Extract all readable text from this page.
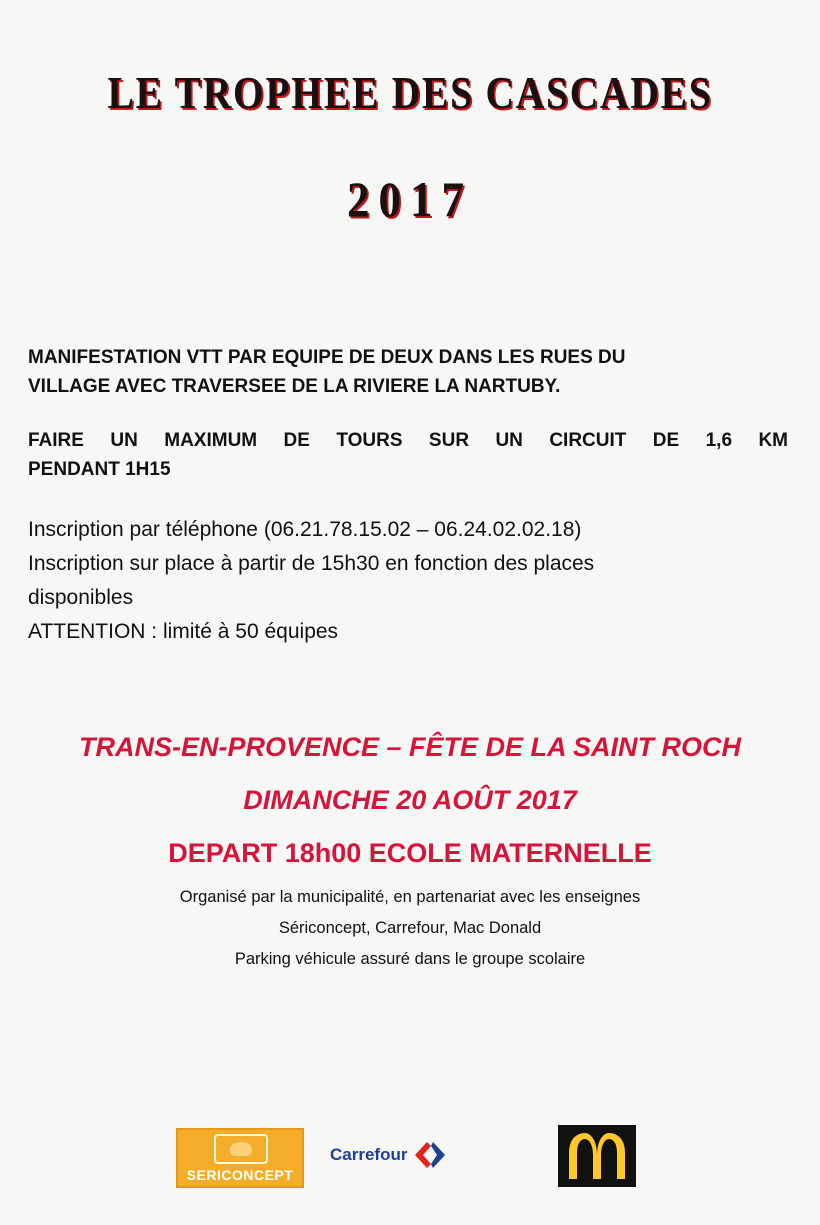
LE TROPHEE DES CASCADES
2017
MANIFESTATION VTT PAR EQUIPE DE DEUX DANS LES RUES DU
VILLAGE AVEC TRAVERSEE DE LA RIVIERE LA NARTUBY.
FAIRE UN MAXIMUM DE TOURS SUR UN CIRCUIT DE 1,6 KM
PENDANT 1H15
Inscription par téléphone (06.21.78.15.02 – 06.24.02.02.18)
Inscription sur place à partir de 15h30 en fonction des places
disponibles
ATTENTION : limité à 50 équipes
TRANS-EN-PROVENCE – FÊTE DE LA SAINT ROCH
DIMANCHE 20 AOÛT 2017
DEPART 18h00 ECOLE MATERNELLE
Organisé par la municipalité, en partenariat avec les enseignes
Sériconcept, Carrefour, Mac Donald
Parking véhicule assuré dans le groupe scolaire
SERICONCEPT
Carrefour
